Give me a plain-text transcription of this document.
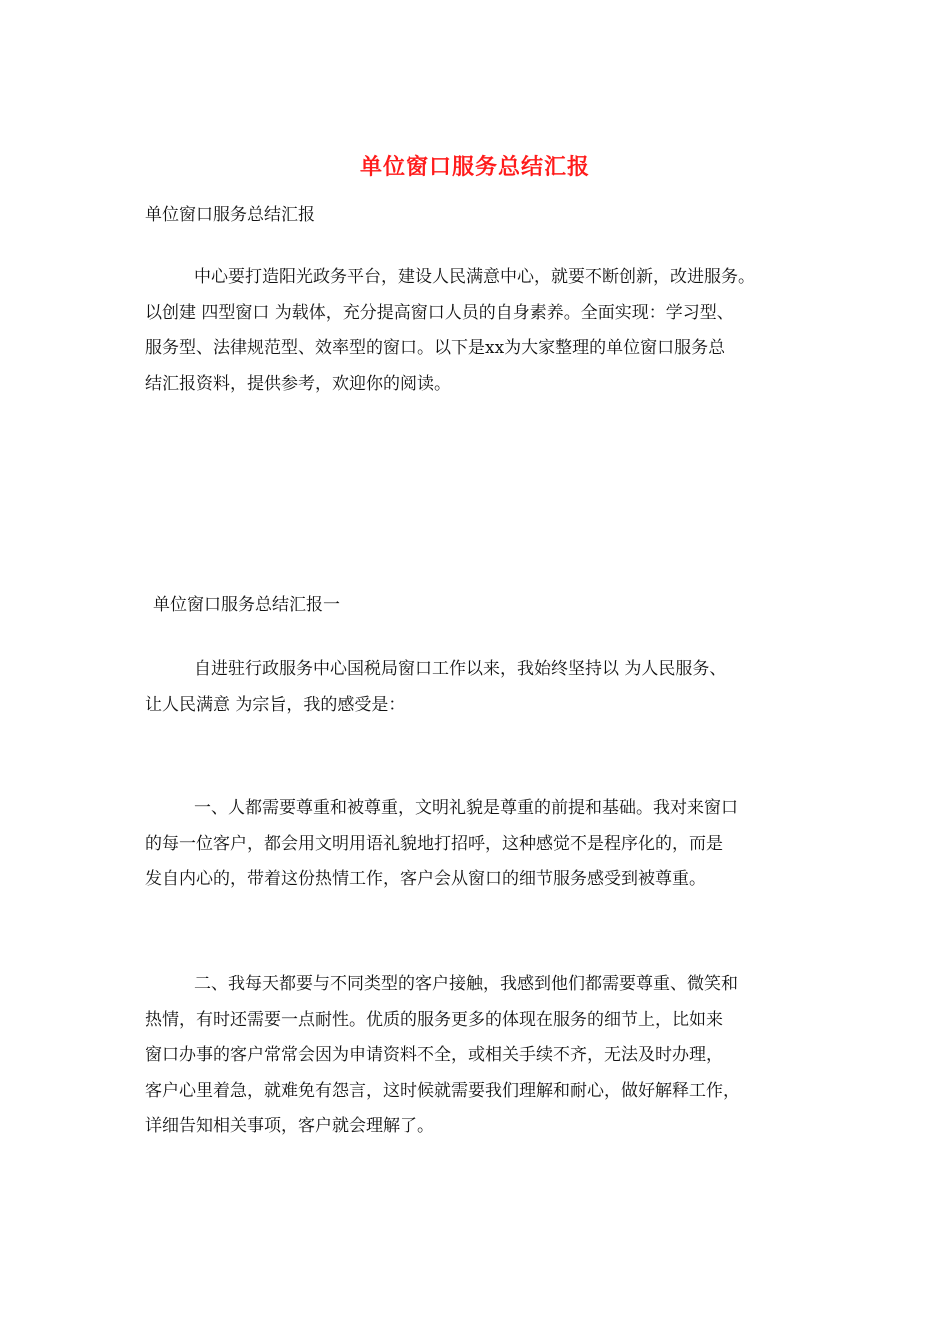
单位窗口服务总结汇报
单位窗口服务总结汇报
中心要打造阳光政务平台，建设人民满意中心，就要不断创新，改进服务。
以创建 四型窗口 为载体，充分提高窗口人员的自身素养。全面实现：学习型、
服务型、法律规范型、效率型的窗口。以下是xx为大家整理的单位窗口服务总
结汇报资料，提供参考，欢迎你的阅读。
单位窗口服务总结汇报一
自进驻行政服务中心国税局窗口工作以来，我始终坚持以 为人民服务、
让人民满意 为宗旨，我的感受是：
一、人都需要尊重和被尊重，文明礼貌是尊重的前提和基础。我对来窗口
的每一位客户，都会用文明用语礼貌地打招呼，这种感觉不是程序化的，而是
发自内心的，带着这份热情工作，客户会从窗口的细节服务感受到被尊重。
二、我每天都要与不同类型的客户接触，我感到他们都需要尊重、微笑和
热情，有时还需要一点耐性。优质的服务更多的体现在服务的细节上，比如来
窗口办事的客户常常会因为申请资料不全，或相关手续不齐，无法及时办理，
客户心里着急，就难免有怨言，这时候就需要我们理解和耐心，做好解释工作，
详细告知相关事项，客户就会理解了。
